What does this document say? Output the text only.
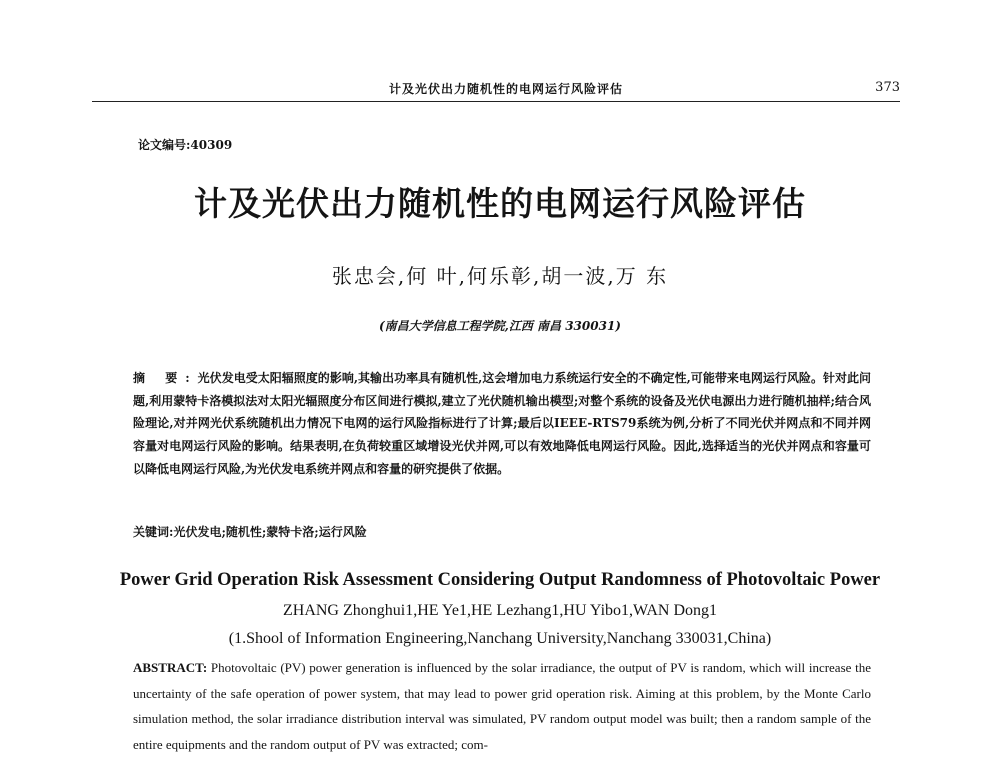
计及光伏出力随机性的电网运行风险评估	373
论文编号:40309
计及光伏出力随机性的电网运行风险评估
张忠会,何 叶,何乐彰,胡一波,万 东
(南昌大学信息工程学院,江西 南昌 330031)

摘 要:光伏发电受太阳辐照度的影响,其输出功率具有随机性,这会增加电力系统运行安全的不确定性,可能带来电网运行风险。针对此问题,利用蒙特卡洛模拟法对太阳光辐照度分布区间进行模拟,建立了光伏随机输出模型;对整个系统的设备及光伏电源出力进行随机抽样;结合风险理论,对并网光伏系统随机出力情况下电网的运行风险指标进行了计算;最后以IEEE-RTS79系统为例,分析了不同光伏并网点和不同并网容量对电网运行风险的影响。结果表明,在负荷较重区域增设光伏并网,可以有效地降低电网运行风险。因此,选择适当的光伏并网点和容量可以降低电网运行风险,为光伏发电系统并网点和容量的研究提供了依据。

关键词:光伏发电;随机性;蒙特卡洛;运行风险
Power Grid Operation Risk Assessment Considering Output Randomness of Photovoltaic Power
ZHANG Zhonghui1,HE Ye1,HE Lezhang1,HU Yibo1,WAN Dong1
(1.Shool of Information Engineering,Nanchang University,Nanchang 330031,China)

ABSTRACT: Photovoltaic (PV) power generation is influenced by the solar irradiance, the output of PV is random, which will increase the uncertainty of the safe operation of power system, that may lead to power grid operation risk. Aiming at this problem, by the Monte Carlo simulation method, the solar irradiance distribution interval was simulated, PV random output model was built; then a random sample of the entire equipments and the random output of PV was extracted; com-
